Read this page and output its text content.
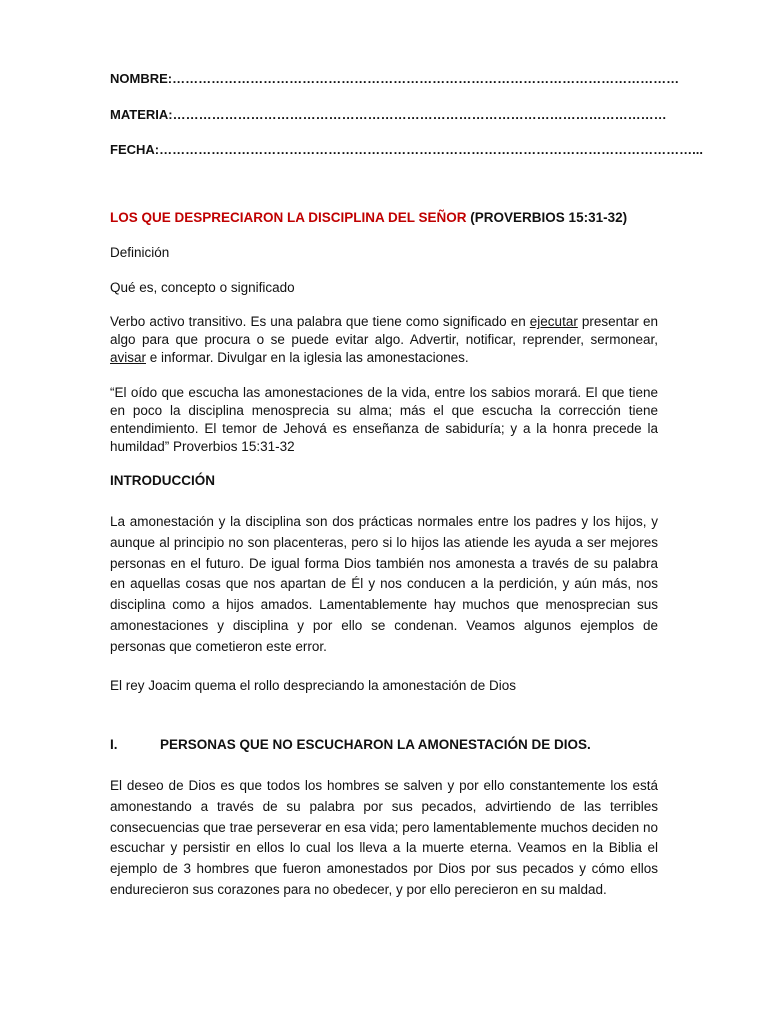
NOMBRE:………………………………………………………………………………………………………
MATERIA:……………………………………………………………………………………………………
FECHA:……………………………………………………………………………………………………………...
LOS QUE DESPRECIARON LA DISCIPLINA DEL SEÑOR (PROVERBIOS 15:31-32)
Definición
Qué es, concepto o significado
Verbo activo transitivo. Es una palabra que tiene como significado en ejecutar presentar en algo para que procura o se puede evitar algo. Advertir, notificar, reprender, sermonear, avisar e informar. Divulgar en la iglesia las amonestaciones.
“El oído que escucha las amonestaciones de la vida, entre los sabios morará. El que tiene en poco la disciplina menosprecia su alma; más el que escucha la corrección tiene entendimiento. El temor de Jehová es enseñanza de sabiduría; y a la honra precede la humildad” Proverbios 15:31-32
INTRODUCCIÓN
La amonestación y la disciplina son dos prácticas normales entre los padres y los hijos, y aunque al principio no son placenteras, pero si lo hijos las atiende les ayuda a ser mejores personas en el futuro. De igual forma Dios también nos amonesta a través de su palabra en aquellas cosas que nos apartan de Él y nos conducen a la perdición, y aún más, nos disciplina como a hijos amados. Lamentablemente hay muchos que menosprecian sus amonestaciones y disciplina y por ello se condenan. Veamos algunos ejemplos de personas que cometieron este error.
El rey Joacim quema el rollo despreciando la amonestación de Dios
I.	PERSONAS QUE NO ESCUCHARON LA AMONESTACIÓN DE DIOS.
El deseo de Dios es que todos los hombres se salven y por ello constantemente los está amonestando a través de su palabra por sus pecados, advirtiendo de las terribles consecuencias que trae perseverar en esa vida; pero lamentablemente muchos deciden no escuchar y persistir en ellos lo cual los lleva a la muerte eterna. Veamos en la Biblia el ejemplo de 3 hombres que fueron amonestados por Dios por sus pecados y cómo ellos endurecieron sus corazones para no obedecer, y por ello perecieron en su maldad.
